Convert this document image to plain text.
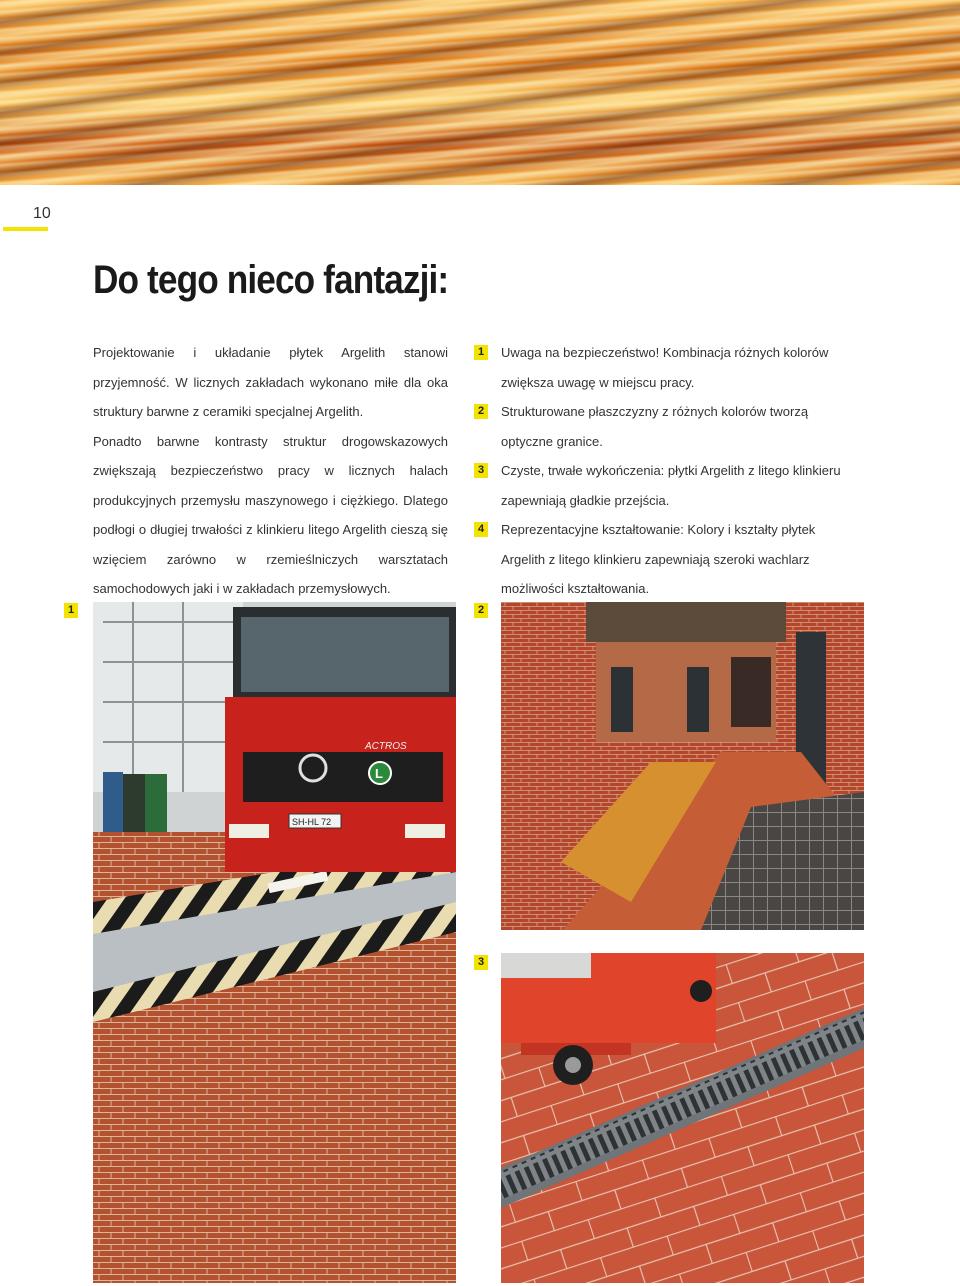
10
Do tego nieco fantazji:

Projektowanie i układanie płytek Argelith stanowi przyjemność. W licznych zakładach wykonano miłe dla oka struktury barwne z ceramiki specjalnej Argelith.

Ponadto barwne kontrasty struktur drogowskazowych zwiększają bezpieczeństwo pracy w licznych halach produkcyjnych przemysłu maszynowego i ciężkiego. Dlatego podłogi o długiej trwałości z klinkieru litego Argelith cieszą się wzięciem zarówno w rzemieślniczych warsztatach samochodowych jaki i w zakładach przemysłowych.

1	Uwaga na bezpieczeństwo! Kombinacja różnych kolorów zwiększa uwagę w miejscu pracy.
2	Strukturowane płaszczyzny z różnych kolorów tworzą optyczne granice.
3	Czyste, trwałe wykończenia: płytki Argelith z litego klinkieru zapewniają gładkie przejścia.
4	Reprezentacyjne kształtowanie: Kolory i kształty płytek Argelith z litego klinkieru zapewniają szeroki wachlarz możliwości kształtowania.
1
L
ACTROS
SH-HL 72
2
3
